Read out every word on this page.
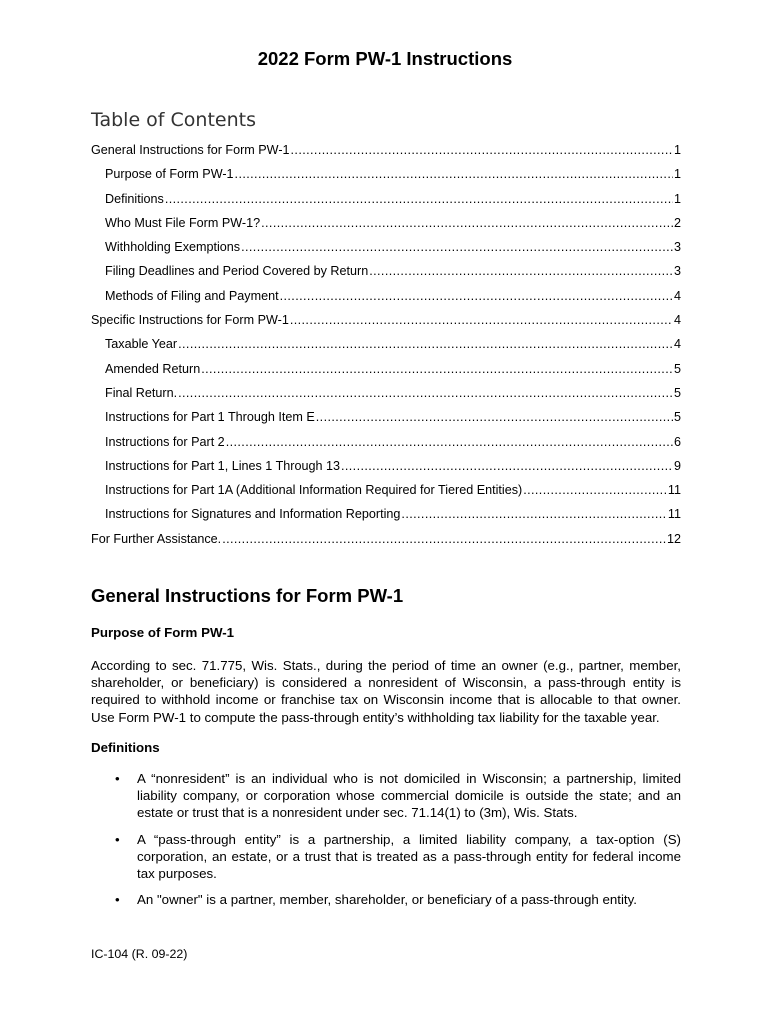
2022 Form PW-1 Instructions
Table of Contents
General Instructions for Form PW-1 .....	1
Purpose of Form PW-1 .....	1
Definitions .....	1
Who Must File Form PW-1? .....	2
Withholding Exemptions .....	3
Filing Deadlines and Period Covered by Return .....	3
Methods of Filing and Payment .....	4
Specific Instructions for Form PW-1 .....	4
Taxable Year .....	4
Amended Return .....	5
Final Return. .....	5
Instructions for Part 1 Through Item E .....	5
Instructions for Part 2 .....	6
Instructions for Part 1, Lines 1 Through 13 .....	9
Instructions for Part 1A (Additional Information Required for Tiered Entities) .....	11
Instructions for Signatures and Information Reporting .....	11
For Further Assistance. .....	12
General Instructions for Form PW-1
Purpose of Form PW-1
According to sec. 71.775, Wis. Stats., during the period of time an owner (e.g., partner, member, shareholder, or beneficiary) is considered a nonresident of Wisconsin, a pass-through entity is required to withhold income or franchise tax on Wisconsin income that is allocable to that owner. Use Form PW-1 to compute the pass-through entity’s withholding tax liability for the taxable year.
Definitions
• A “nonresident” is an individual who is not domiciled in Wisconsin; a partnership, limited liability company, or corporation whose commercial domicile is outside the state; and an estate or trust that is a nonresident under sec. 71.14(1) to (3m), Wis. Stats.
• A “pass-through entity” is a partnership, a limited liability company, a tax-option (S) corporation, an estate, or a trust that is treated as a pass-through entity for federal income tax purposes.
• An "owner" is a partner, member, shareholder, or beneficiary of a pass-through entity.
IC-104 (R. 09-22)
